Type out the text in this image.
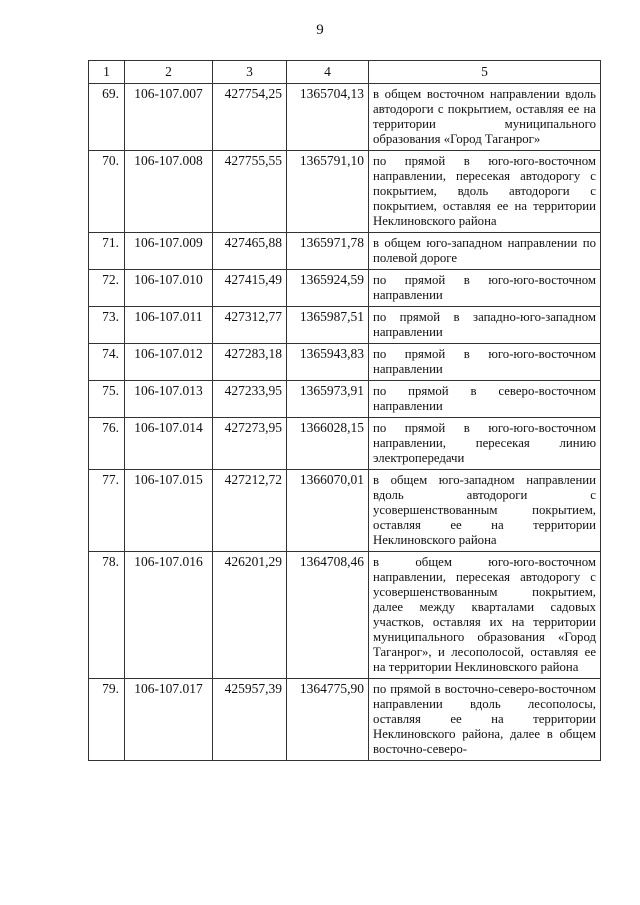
9
1	2	3	4	5
69.	106-107.007	427754,25	1365704,13	в общем восточном направлении вдоль автодороги с покрытием, оставляя ее на территории муниципального образования «Город Таганрог»
70.	106-107.008	427755,55	1365791,10	по прямой в юго-юго-восточном направлении, пересекая автодорогу с покрытием, вдоль автодороги с покрытием, оставляя ее на территории Неклиновского района
71.	106-107.009	427465,88	1365971,78	в общем юго-западном направлении по полевой дороге
72.	106-107.010	427415,49	1365924,59	по прямой в юго-юго-восточном направлении
73.	106-107.011	427312,77	1365987,51	по прямой в западно-юго-западном направлении
74.	106-107.012	427283,18	1365943,83	по прямой в юго-юго-восточном направлении
75.	106-107.013	427233,95	1365973,91	по прямой в северо-восточном направлении
76.	106-107.014	427273,95	1366028,15	по прямой в юго-юго-восточном направлении, пересекая линию электропередачи
77.	106-107.015	427212,72	1366070,01	в общем юго-западном направлении вдоль автодороги с усовершенствованным покрытием, оставляя ее на территории Неклиновского района
78.	106-107.016	426201,29	1364708,46	в общем юго-юго-восточном направлении, пересекая автодорогу с усовершенствованным покрытием, далее между кварталами садовых участков, оставляя их на территории муниципального образования «Город Таганрог», и лесополосой, оставляя ее на территории Неклиновского района
79.	106-107.017	425957,39	1364775,90	по прямой в восточно-северо-восточном направлении вдоль лесополосы, оставляя ее на территории Неклиновского района, далее в общем восточно-северо-
